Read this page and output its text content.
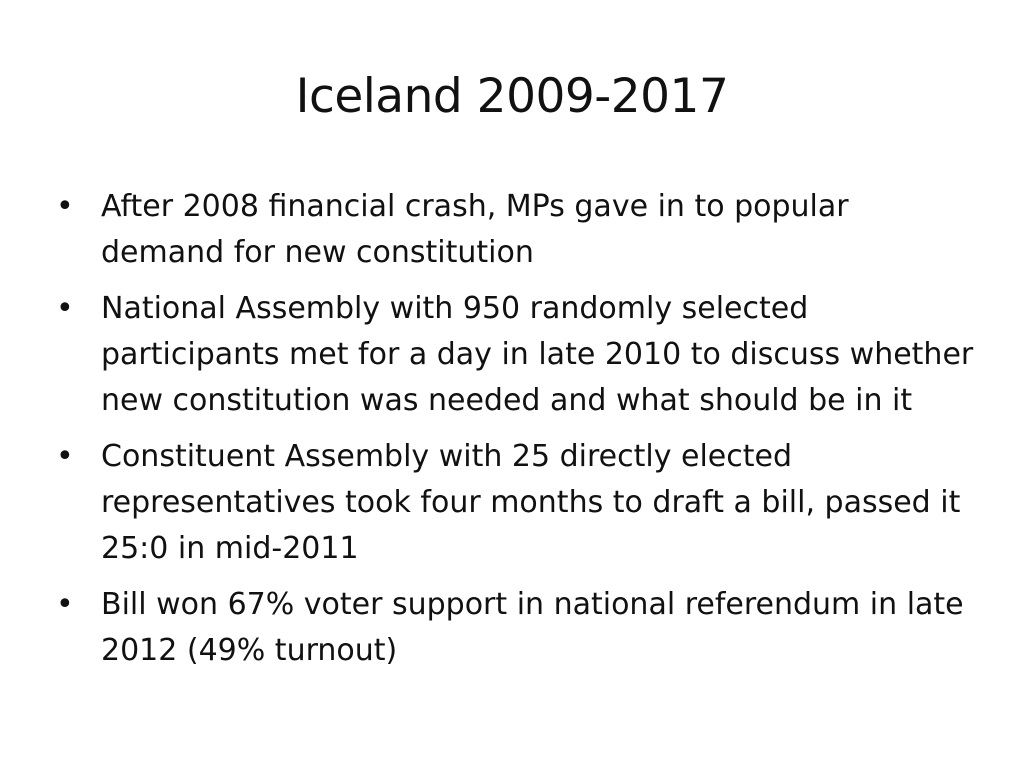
Iceland 2009-2017
• After 2008 financial crash, MPs gave in to popular demand for new constitution
• National Assembly with 950 randomly selected participants met for a day in late 2010 to discuss whether new constitution was needed and what should be in it
• Constituent Assembly with 25 directly elected representatives took four months to draft a bill, passed it 25:0 in mid-2011
• Bill won 67% voter support in national referendum in late 2012 (49% turnout)
